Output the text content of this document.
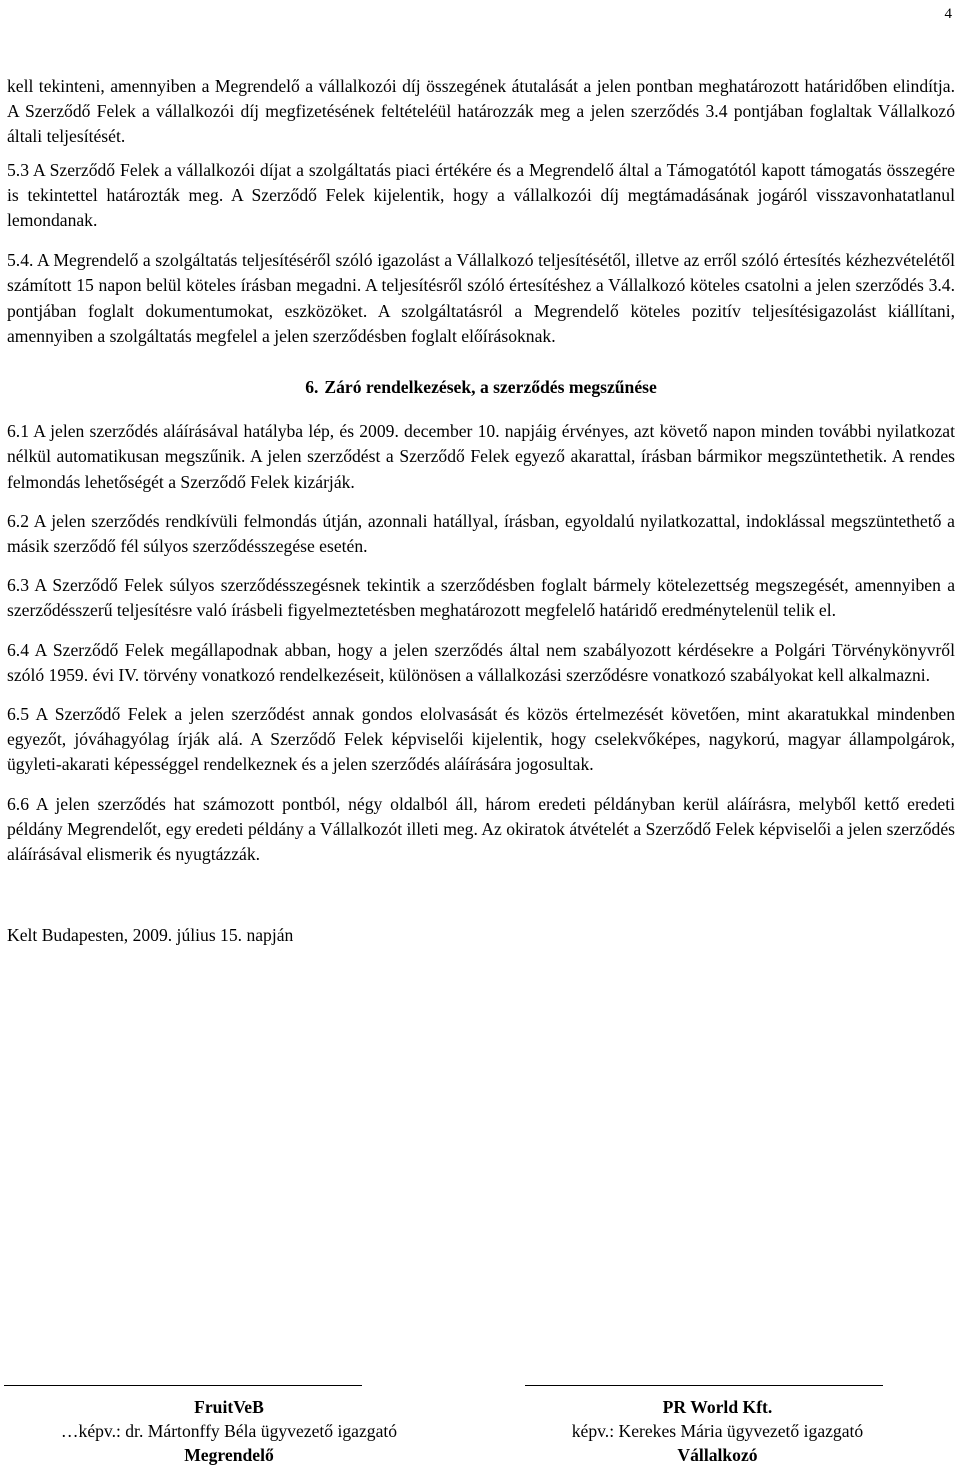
4

kell tekinteni, amennyiben a Megrendelő a vállalkozói díj összegének átutalását a jelen pontban meghatározott határidőben elindítja. A Szerződő Felek a vállalkozói díj megfizetésének feltételéül határozzák meg a jelen szerződés 3.4 pontjában foglaltak Vállalkozó általi teljesítését.

5.3 A Szerződő Felek a vállalkozói díjat a szolgáltatás piaci értékére és a Megrendelő által a Támogatótól kapott támogatás összegére is tekintettel határozták meg. A Szerződő Felek kijelentik, hogy a vállalkozói díj megtámadásának jogáról visszavonhatatlanul lemondanak.

5.4. A Megrendelő a szolgáltatás teljesítéséről szóló igazolást a Vállalkozó teljesítésétől, illetve az erről szóló értesítés kézhezvételétől számított 15 napon belül köteles írásban megadni. A teljesítésről szóló értesítéshez a Vállalkozó köteles csatolni a jelen szerződés 3.4. pontjában foglalt dokumentumokat, eszközöket. A szolgáltatásról a Megrendelő köteles pozitív teljesítésigazolást kiállítani, amennyiben a szolgáltatás megfelel a jelen szerződésben foglalt előírásoknak.

6. Záró rendelkezések, a szerződés megszűnése

6.1 A jelen szerződés aláírásával hatályba lép, és 2009. december 10. napjáig érvényes, azt követő napon minden további nyilatkozat nélkül automatikusan megszűnik. A jelen szerződést a Szerződő Felek egyező akarattal, írásban bármikor megszüntethetik. A rendes felmondás lehetőségét a Szerződő Felek kizárják.

6.2 A jelen szerződés rendkívüli felmondás útján, azonnali hatállyal, írásban, egyoldalú nyilatkozattal, indoklással megszüntethető a másik szerződő fél súlyos szerződésszegése esetén.

6.3 A Szerződő Felek súlyos szerződésszegésnek tekintik a szerződésben foglalt bármely kötelezettség megszegését, amennyiben a szerződésszerű teljesítésre való írásbeli figyelmeztetésben meghatározott megfelelő határidő eredménytelenül telik el.

6.4 A Szerződő Felek megállapodnak abban, hogy a jelen szerződés által nem szabályozott kérdésekre a Polgári Törvénykönyvről szóló 1959. évi IV. törvény vonatkozó rendelkezéseit, különösen a vállalkozási szerződésre vonatkozó szabályokat kell alkalmazni.

6.5 A Szerződő Felek a jelen szerződést annak gondos elolvasását és közös értelmezését követően, mint akaratukkal mindenben egyezőt, jóváhagyólag írják alá. A Szerződő Felek képviselői kijelentik, hogy cselekvőképes, nagykorú, magyar állampolgárok, ügyleti-akarati képességgel rendelkeznek és a jelen szerződés aláírására jogosultak.

6.6 A jelen szerződés hat számozott pontból, négy oldalból áll, három eredeti példányban kerül aláírásra, melyből kettő eredeti példány Megrendelőt, egy eredeti példány a Vállalkozót illeti meg. Az okiratok átvételét a Szerződő Felek képviselői a jelen szerződés aláírásával elismerik és nyugtázzák.

Kelt Budapesten, 2009. július 15. napján

FruitVeB
…képv.: dr. Mártonffy Béla ügyvezető igazgató
Megrendelő
PR World Kft.
képv.: Kerekes Mária ügyvezető igazgató
Vállalkozó
